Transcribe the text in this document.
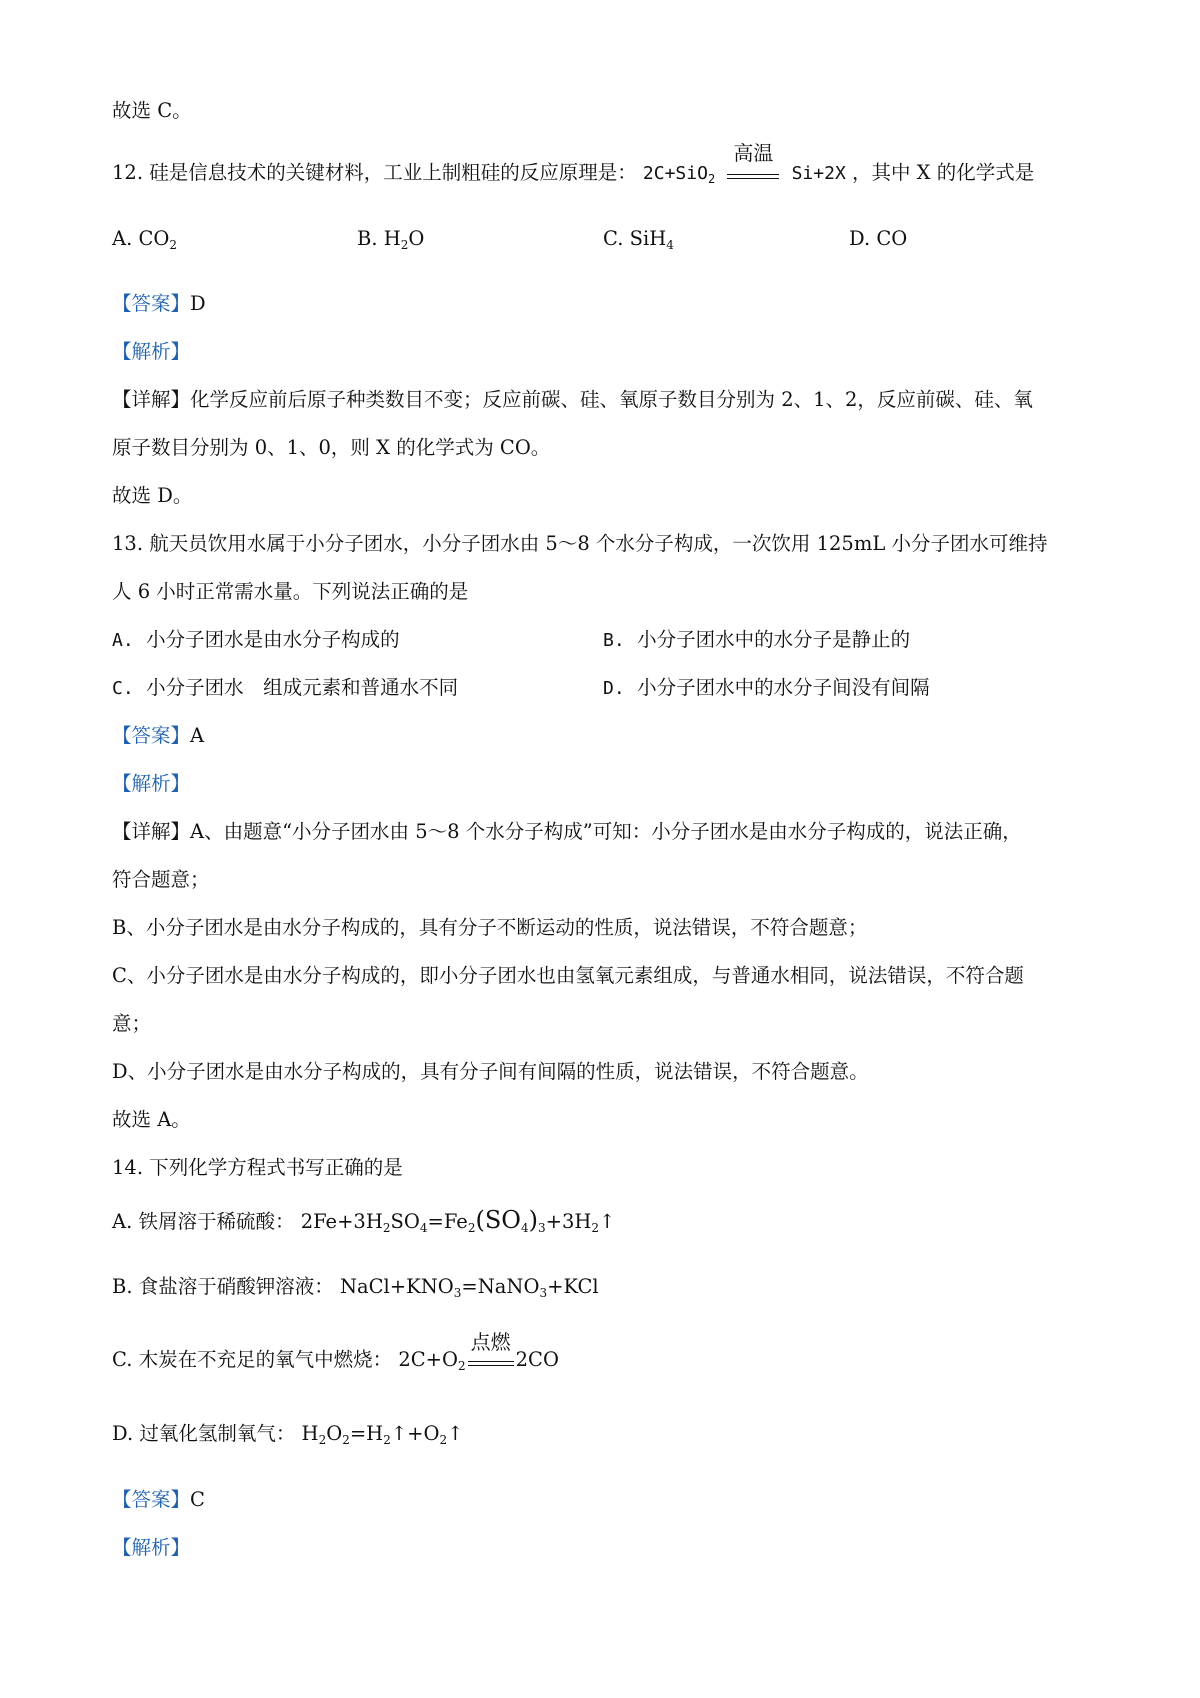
故选 C。
12. 硅是信息技术的关键材料，工业上制粗硅的反应原理是： 2C+SiO$_2$
高温
Si+2X ，其中 X 的化学式是
A. $CO_2$	B. $H_2O$	C. SiH$_4$	D. CO
【答案】D
【解析】
【详解】化学反应前后原子种类数目不变；反应前碳、硅、氧原子数目分别为 2、1、2，反应前碳、硅、氧
原子数目分别为 0、1、0，则 X 的化学式为 CO。
故选 D。
13. 航天员饮用水属于小分子团水，小分子团水由 5～8 个水分子构成，一次饮用 125mL 小分子团水可维持
人 6 小时正常需水量。下列说法正确的是
A. 小分子团水是由水分子构成的	B. 小分子团水中的水分子是静止的
C. 小分子团水　组成元素和普通水不同	D. 小分子团水中的水分子间没有间隔
【答案】A
【解析】
【详解】A、由题意“小分子团水由 5～8 个水分子构成”可知：小分子团水是由水分子构成的，说法正确，
符合题意；
B、小分子团水是由水分子构成的，具有分子不断运动的性质，说法错误，不符合题意；
C、小分子团水是由水分子构成的，即小分子团水也由氢氧元素组成，与普通水相同，说法错误，不符合题
意；
D、小分子团水是由水分子构成的，具有分子间有间隔的性质，说法错误，不符合题意。
故选 A。
14. 下列化学方程式书写正确的是
A. 铁屑溶于稀硫酸： $2Fe+3H_2SO_4=Fe_2(SO_4)_3+3H_2↑$
B. 食盐溶于硝酸钾溶液： $NaCl+KNO_3=NaNO_3+KCl$
C. 木炭在不充足的氧气中燃烧： $2C+O_2$
点燃
2CO
D. 过氧化氢制氧气： $H_2O_2=H_2↑+O_2↑$
【答案】C
【解析】
